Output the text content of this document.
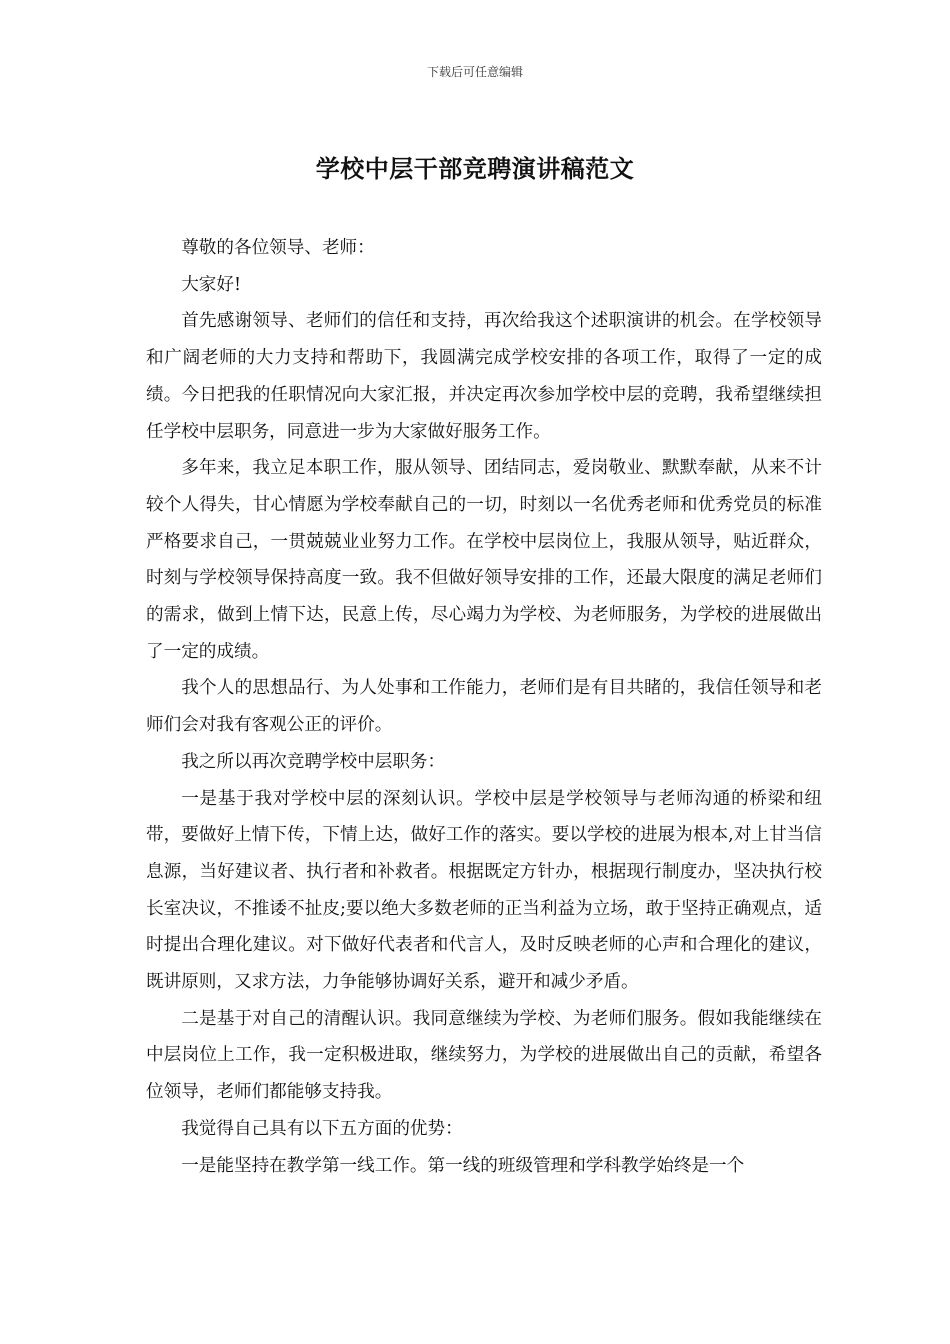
下载后可任意编辑
学校中层干部竞聘演讲稿范文

尊敬的各位领导、老师：

大家好!

首先感谢领导、老师们的信任和支持，再次给我这个述职演讲的机会。在学校领导和广阔老师的大力支持和帮助下，我圆满完成学校安排的各项工作，取得了一定的成绩。今日把我的任职情况向大家汇报，并决定再次参加学校中层的竞聘，我希望继续担任学校中层职务，同意进一步为大家做好服务工作。

多年来，我立足本职工作，服从领导、团结同志，爱岗敬业、默默奉献，从来不计较个人得失，甘心情愿为学校奉献自己的一切，时刻以一名优秀老师和优秀党员的标准严格要求自己，一贯兢兢业业努力工作。在学校中层岗位上，我服从领导，贴近群众，时刻与学校领导保持高度一致。我不但做好领导安排的工作，还最大限度的满足老师们的需求，做到上情下达，民意上传，尽心竭力为学校、为老师服务，为学校的进展做出了一定的成绩。

我个人的思想品行、为人处事和工作能力，老师们是有目共睹的，我信任领导和老师们会对我有客观公正的评价。

我之所以再次竞聘学校中层职务：

一是基于我对学校中层的深刻认识。学校中层是学校领导与老师沟通的桥梁和纽带，要做好上情下传，下情上达，做好工作的落实。要以学校的进展为根本,对上甘当信息源，当好建议者、执行者和补救者。根据既定方针办，根据现行制度办，坚决执行校长室决议，不推诿不扯皮;要以绝大多数老师的正当利益为立场，敢于坚持正确观点，适时提出合理化建议。对下做好代表者和代言人，及时反映老师的心声和合理化的建议，既讲原则，又求方法，力争能够协调好关系，避开和减少矛盾。

二是基于对自己的清醒认识。我同意继续为学校、为老师们服务。假如我能继续在中层岗位上工作，我一定积极进取，继续努力，为学校的进展做出自己的贡献，希望各位领导，老师们都能够支持我。

我觉得自己具有以下五方面的优势：

一是能坚持在教学第一线工作。第一线的班级管理和学科教学始终是一个
